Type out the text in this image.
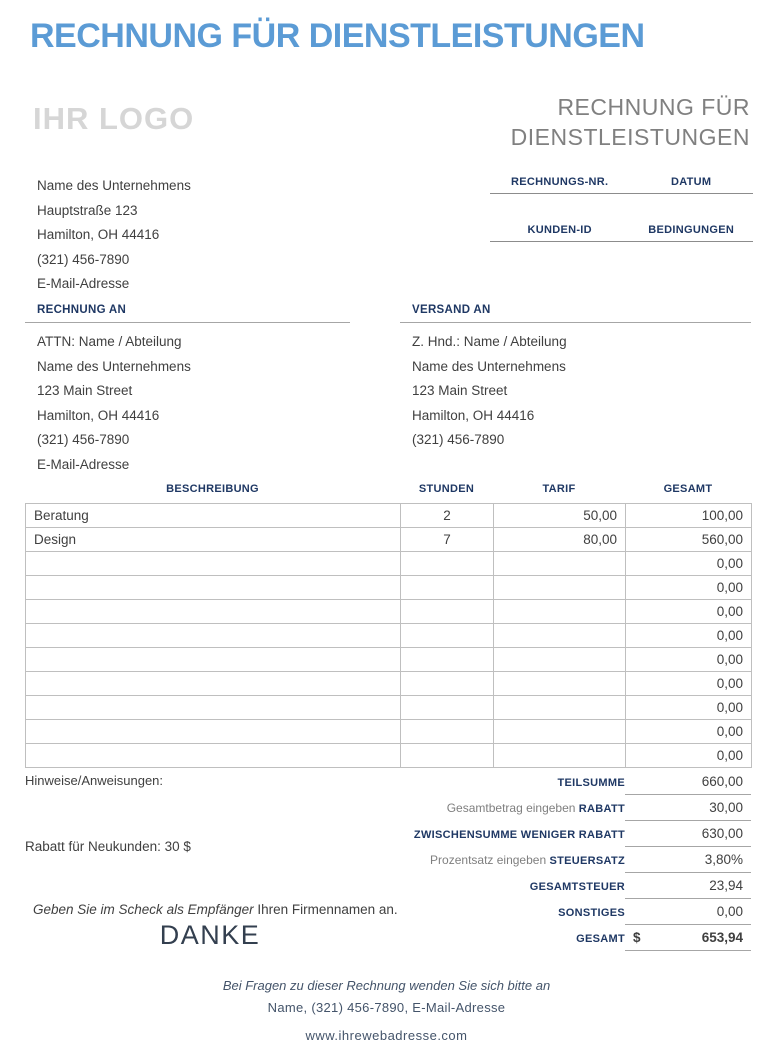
RECHNUNG FÜR DIENSTLEISTUNGEN
IHR LOGO	RECHNUNG FÜR
DIENSTLEISTUNGEN
RECHNUNGS-NR.	DATUM
KUNDEN-ID	BEDINGUNGEN
Name des Unternehmens
Hauptstraße 123
Hamilton, OH 44416
(321) 456-7890
E-Mail-Adresse
RECHNUNG AN
ATTN: Name / Abteilung
Name des Unternehmens
123 Main Street
Hamilton, OH 44416
(321) 456-7890
E-Mail-Adresse
VERSAND AN
Z. Hnd.: Name / Abteilung
Name des Unternehmens
123 Main Street
Hamilton, OH 44416
(321) 456-7890
BESCHREIBUNG	STUNDEN	TARIF	GESAMT
Beratung	2	50,00	100,00
Design	7	80,00	560,00
			0,00
			0,00
			0,00
			0,00
			0,00
			0,00
			0,00
			0,00
			0,00
Hinweise/Anweisungen:	TEILSUMME	660,00
Gesamtbetrag eingeben RABATT	30,00
ZWISCHENSUMME WENIGER RABATT	630,00
Prozentsatz eingeben STEUERSATZ	3,80%
GESAMTSTEUER	23,94
SONSTIGES	0,00
GESAMT $	653,94
Rabatt für Neukunden: 30 $
Geben Sie im Scheck als Empfänger Ihren Firmennamen an.
DANKE
Bei Fragen zu dieser Rechnung wenden Sie sich bitte an
Name, (321) 456-7890, E-Mail-Adresse
www.ihrewebadresse.com
